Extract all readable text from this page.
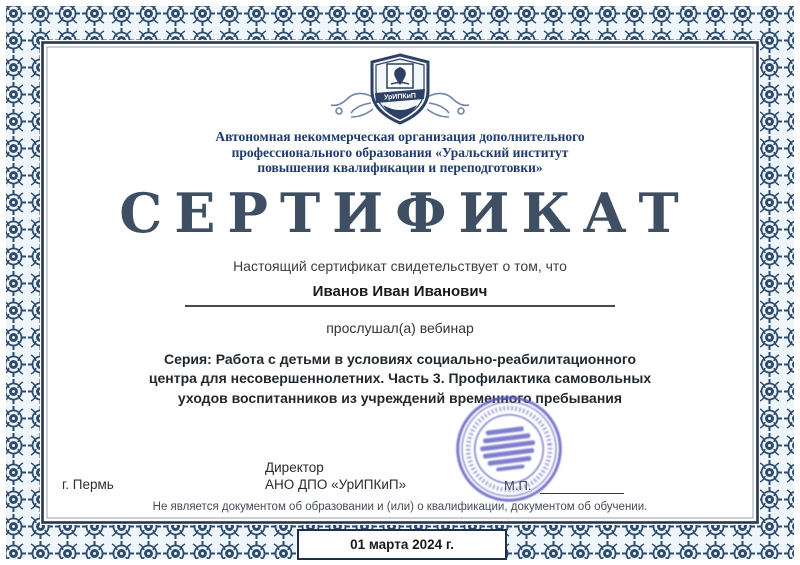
УрИПКиП
Автономная некоммерческая организация дополнительного
профессионального образования «Уральский институт
повышения квалификации и переподготовки»
СЕРТИФИКАТ
Настоящий сертификат свидетельствует о том, что
Иванов Иван Иванович
прослушал(а) вебинар
Серия: Работа с детьми в условиях социально-реабилитационного
центра для несовершеннолетних. Часть 3. Профилактика самовольных
уходов воспитанников из учреждений временного пребывания
г. Пермь
Директор
АНО ДПО «УрИПКиП»	М.П.
Не является документом об образовании и (или) о квалификации, документом об обучении.
01 марта 2024 г.
